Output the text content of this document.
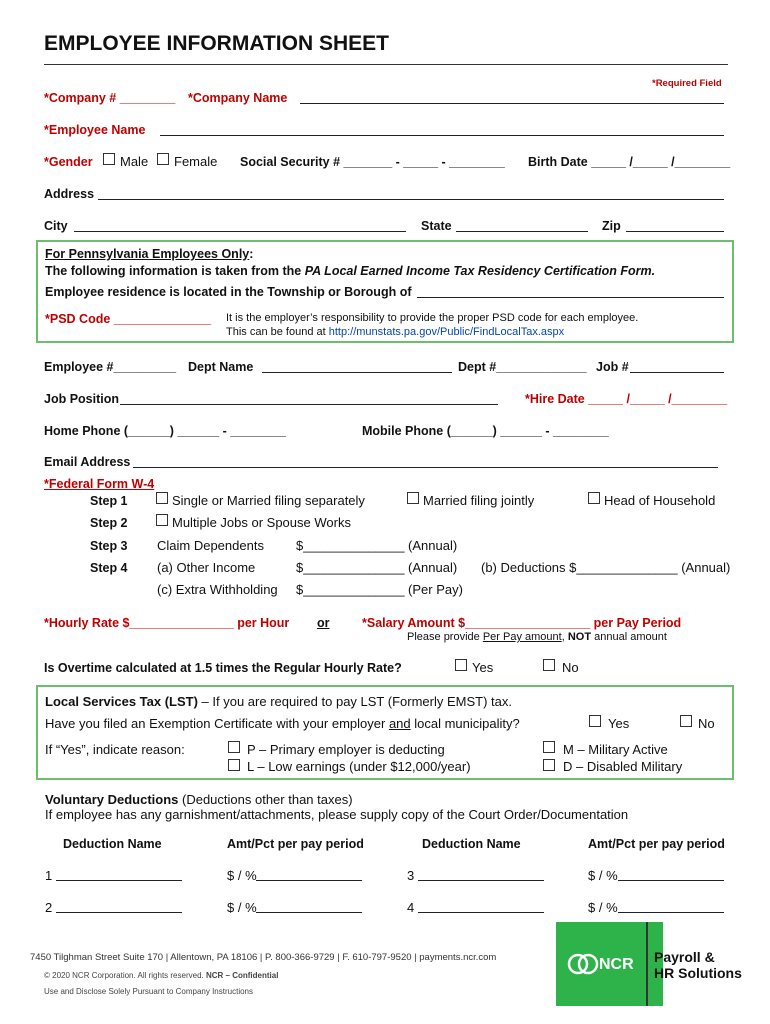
EMPLOYEE INFORMATION SHEET
*Required Field
*Company # ________ *Company Name
*Employee Name
*Gender Male Female Social Security # _______ - _____ - ________ Birth Date _____ /_____ /________
Address
City	State	Zip
For Pennsylvania Employees Only:
The following information is taken from the PA Local Earned Income Tax Residency Certification Form.
Employee residence is located in the Township or Borough of
*PSD Code ______________ It is the employer’s responsibility to provide the proper PSD code for each employee.
This can be found at http://munstats.pa.gov/Public/FindLocalTax.aspx
Employee #_________ Dept Name	Dept #_____________ Job #
Job Position	*Hire Date _____ /_____ /________
Home Phone (______) ______ - ________	Mobile Phone (______) ______ - ________
Email Address
*Federal Form W-4
Step 1	Single or Married filing separately	Married filing jointly	Head of Household
Step 2	Multiple Jobs or Spouse Works
Step 3 Claim Dependents $______________ (Annual)
Step 4 (a) Other Income	$______________ (Annual) (b) Deductions $______________ (Annual)
(c) Extra Withholding $______________ (Per Pay)
*Hourly Rate $_______________ per Hour or	*Salary Amount $__________________ per Pay Period
Please provide Per Pay amount, NOT annual amount
Is Overtime calculated at 1.5 times the Regular Hourly Rate?	Yes	No
Local Services Tax (LST) – If you are required to pay LST (Formerly EMST) tax.
Have you filed an Exemption Certificate with your employer and local municipality?	Yes	No
If “Yes”, indicate reason:	P – Primary employer is deducting
L – Low earnings (under $12,000/year)
M – Military Active
D – Disabled Military
Voluntary Deductions (Deductions other than taxes)
If employee has any garnishment/attachments, please supply copy of the Court Order/Documentation
Deduction Name	Amt/Pct per pay period	Deduction Name	Amt/Pct per pay period
1	$ / %	3	$ / %
2	$ / %	4	$ / %
7450 Tilghman Street Suite 170 | Allentown, PA 18106 | P. 800-366-9729 | F. 610-797-9520 | payments.ncr.com
© 2020 NCR Corporation. All rights reserved. NCR – Confidential
Use and Disclose Solely Pursuant to Company Instructions
NCR Payroll &
HR Solutions
